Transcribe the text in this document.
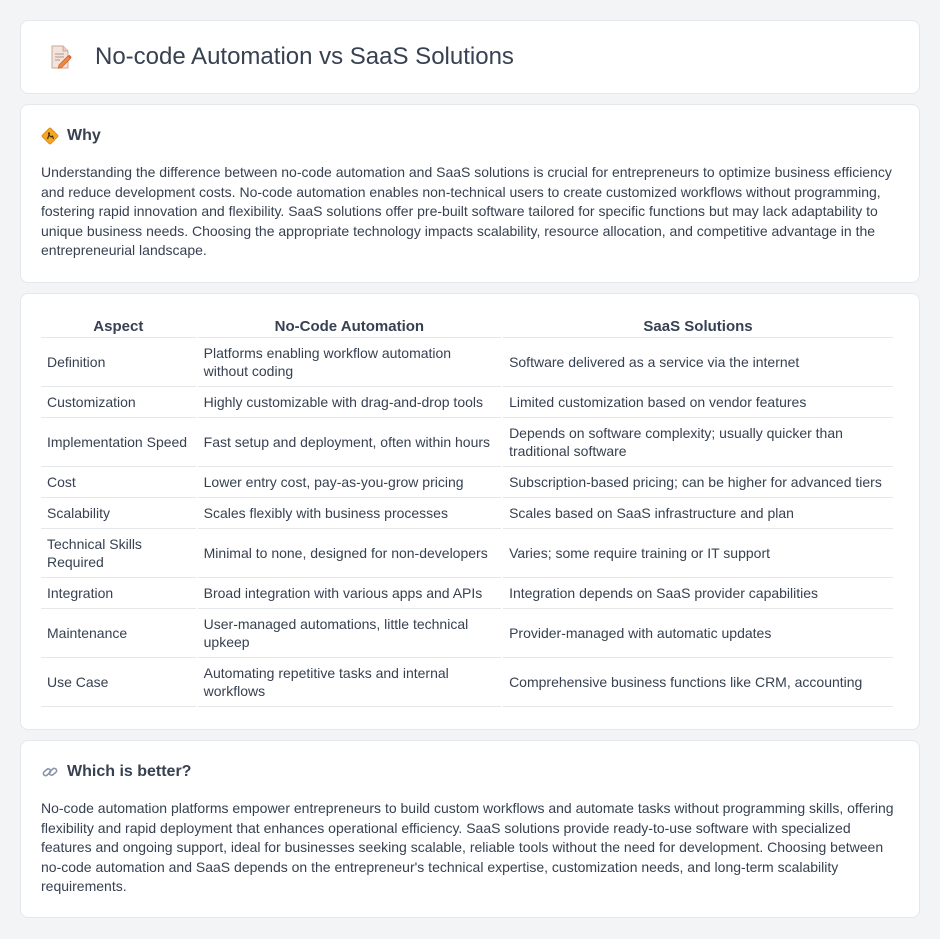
No-code Automation vs SaaS Solutions
Why

Understanding the difference between no-code automation and SaaS solutions is crucial for entrepreneurs to optimize business efficiency and reduce development costs. No-code automation enables non-technical users to create customized workflows without programming, fostering rapid innovation and flexibility. SaaS solutions offer pre-built software tailored for specific functions but may lack adaptability to unique business needs. Choosing the appropriate technology impacts scalability, resource allocation, and competitive advantage in the entrepreneurial landscape.

Aspect	No-Code Automation	SaaS Solutions
Definition	Platforms enabling workflow automation without coding	Software delivered as a service via the internet
Customization	Highly customizable with drag-and-drop tools	Limited customization based on vendor features
Implementation Speed	Fast setup and deployment, often within hours	Depends on software complexity; usually quicker than traditional software
Cost	Lower entry cost, pay-as-you-grow pricing	Subscription-based pricing; can be higher for advanced tiers
Scalability	Scales flexibly with business processes	Scales based on SaaS infrastructure and plan
Technical Skills Required	Minimal to none, designed for non-developers	Varies; some require training or IT support
Integration	Broad integration with various apps and APIs	Integration depends on SaaS provider capabilities
Maintenance	User-managed automations, little technical upkeep	Provider-managed with automatic updates
Use Case	Automating repetitive tasks and internal workflows	Comprehensive business functions like CRM, accounting
Which is better?

No-code automation platforms empower entrepreneurs to build custom workflows and automate tasks without programming skills, offering flexibility and rapid deployment that enhances operational efficiency. SaaS solutions provide ready-to-use software with specialized features and ongoing support, ideal for businesses seeking scalable, reliable tools without the need for development. Choosing between no-code automation and SaaS depends on the entrepreneur's technical expertise, customization needs, and long-term scalability requirements.
